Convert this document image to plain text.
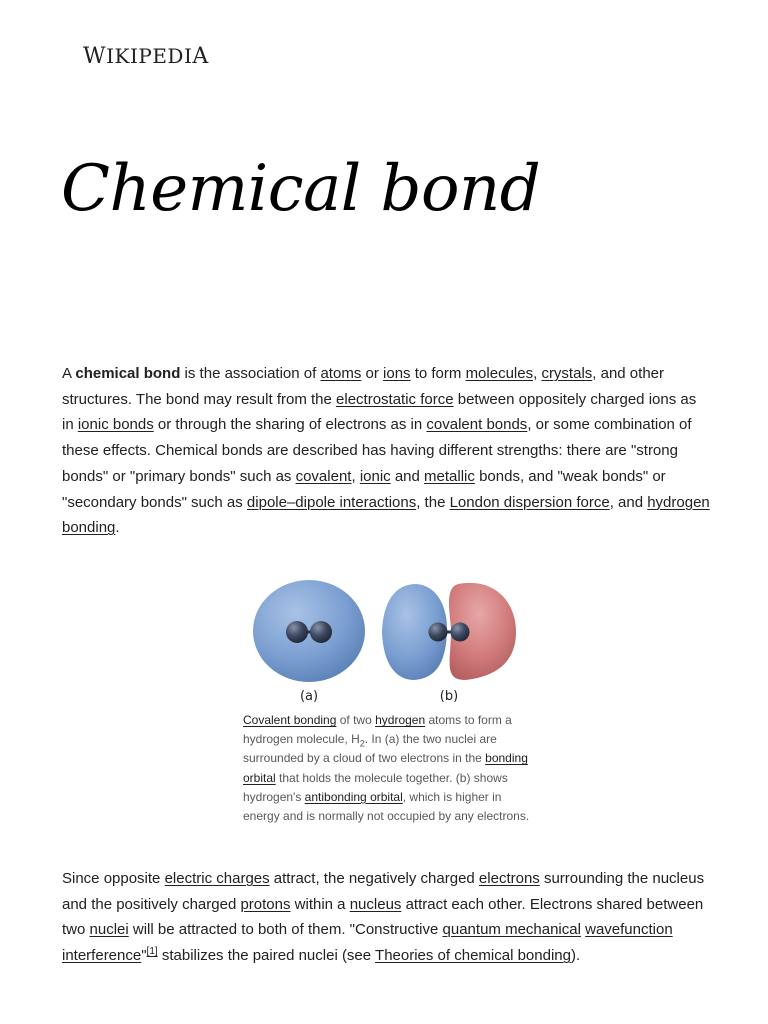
WIKIPEDIA
Chemical bond

A chemical bond is the association of atoms or ions to form molecules, crystals, and other structures. The bond may result from the electrostatic force between oppositely charged ions as in ionic bonds or through the sharing of electrons as in covalent bonds, or some combination of these effects. Chemical bonds are described has having different strengths: there are "strong bonds" or "primary bonds" such as covalent, ionic and metallic bonds, and "weak bonds" or "secondary bonds" such as dipole–dipole interactions, the London dispersion force, and hydrogen bonding.

(a)	(b)

Covalent bonding of two hydrogen atoms to form a hydrogen molecule, $H_2$. In (a) the two nuclei are surrounded by a cloud of two electrons in the bonding orbital that holds the molecule together. (b) shows hydrogen's antibonding orbital, which is higher in energy and is normally not occupied by any electrons.

Since opposite electric charges attract, the negatively charged electrons surrounding the nucleus and the positively charged protons within a nucleus attract each other. Electrons shared between two nuclei will be attracted to both of them. "Constructive quantum mechanical wavefunction interference"[1] stabilizes the paired nuclei (see Theories of chemical bonding).
